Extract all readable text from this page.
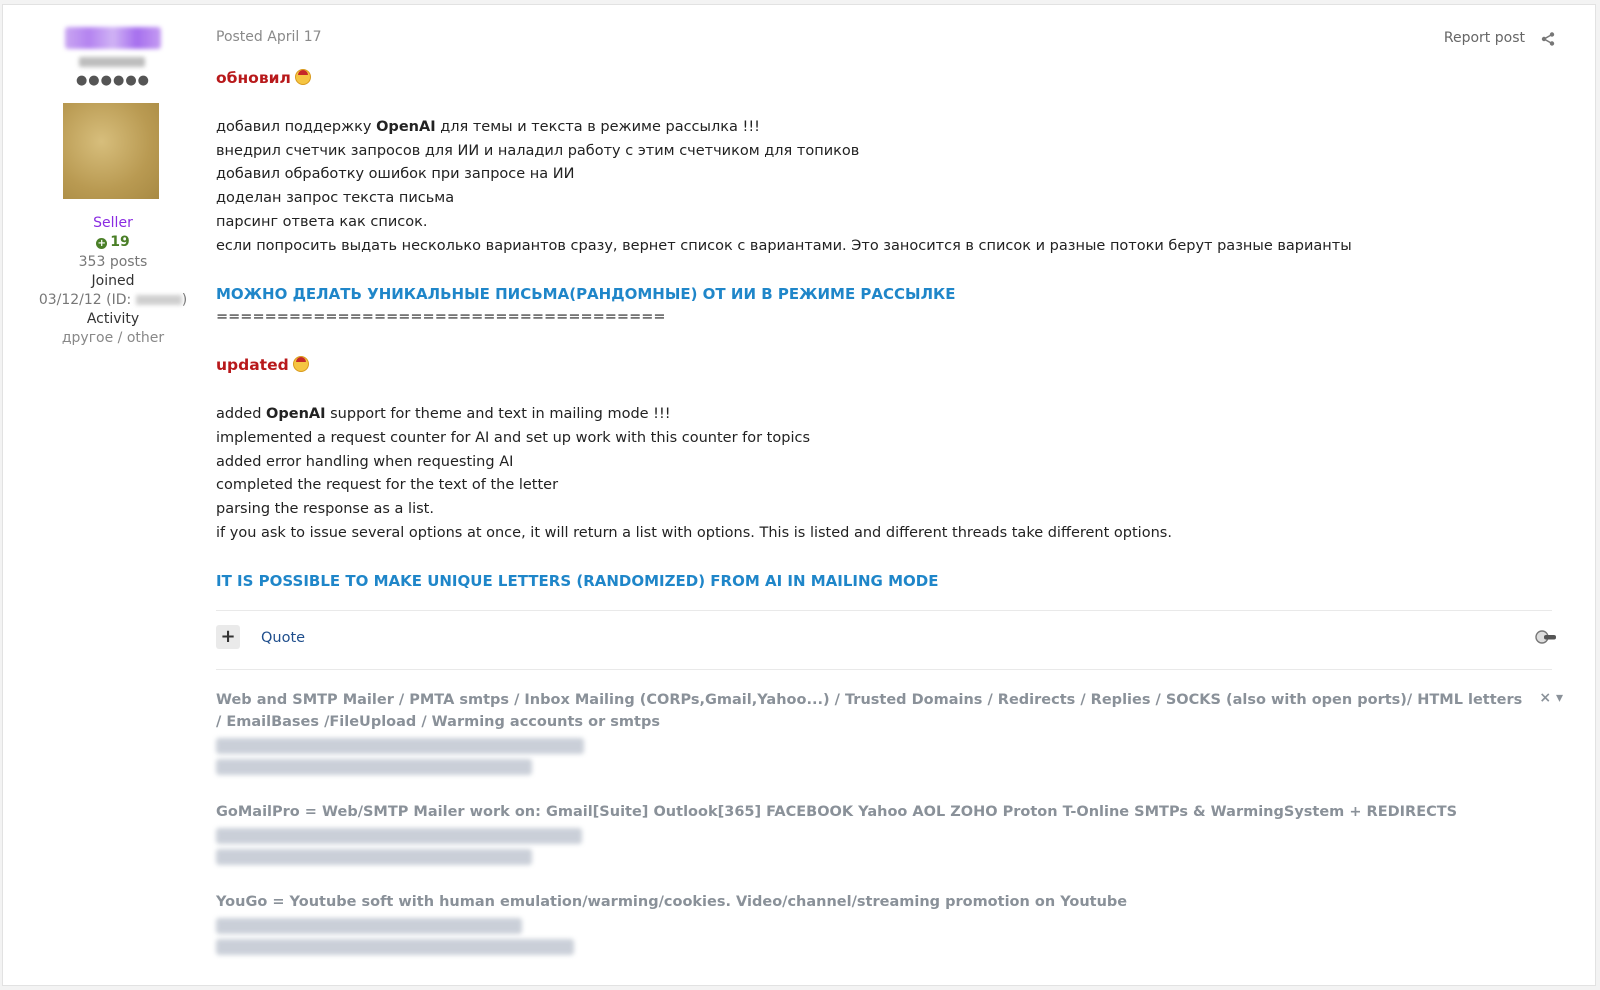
●●●●●●
Seller
+ 19
353 posts
Joined
03/12/12 (ID:	)
Activity
другое / other
Posted April 17	Report post

обновил

добавил поддержку OpenAI для темы и текста в режиме рассылка !!!

внедрил счетчик запросов для ИИ и наладил работу с этим счетчиком для топиков

добавил обработку ошибок при запросе на ИИ

доделан запрос текста письма

парсинг ответа как список.

если попросить выдать несколько вариантов сразу, вернет список с вариантами. Это заносится в список и разные потоки берут разные варианты

МОЖНО ДЕЛАТЬ УНИКАЛЬНЫЕ ПИСЬМА(РАНДОМНЫЕ) ОТ ИИ В РЕЖИМЕ РАССЫЛКЕ

=====================================

updated

added OpenAI support for theme and text in mailing mode !!!

implemented a request counter for AI and set up work with this counter for topics

added error handling when requesting AI

completed the request for the text of the letter

parsing the response as a list.

if you ask to issue several options at once, it will return a list with options. This is listed and different threads take different options.

IT IS POSSIBLE TO MAKE UNIQUE LETTERS (RANDOMIZED) FROM AI IN MAILING MODE

+	Quote
× ▾
Web and SMTP Mailer / PMTA smtps / Inbox Mailing (CORPs,Gmail,Yahoo...) / Trusted Domains / Redirects / Replies / SOCKS (also with open ports)/ HTML letters / EmailBases /FileUpload / Warming accounts or smtps
GoMailPro = Web/SMTP Mailer work on: Gmail[Suite] Outlook[365] FACEBOOK Yahoo AOL ZOHO Proton T-Online SMTPs & WarmingSystem + REDIRECTS
YouGo = Youtube soft with human emulation/warming/cookies. Video/channel/streaming promotion on Youtube
